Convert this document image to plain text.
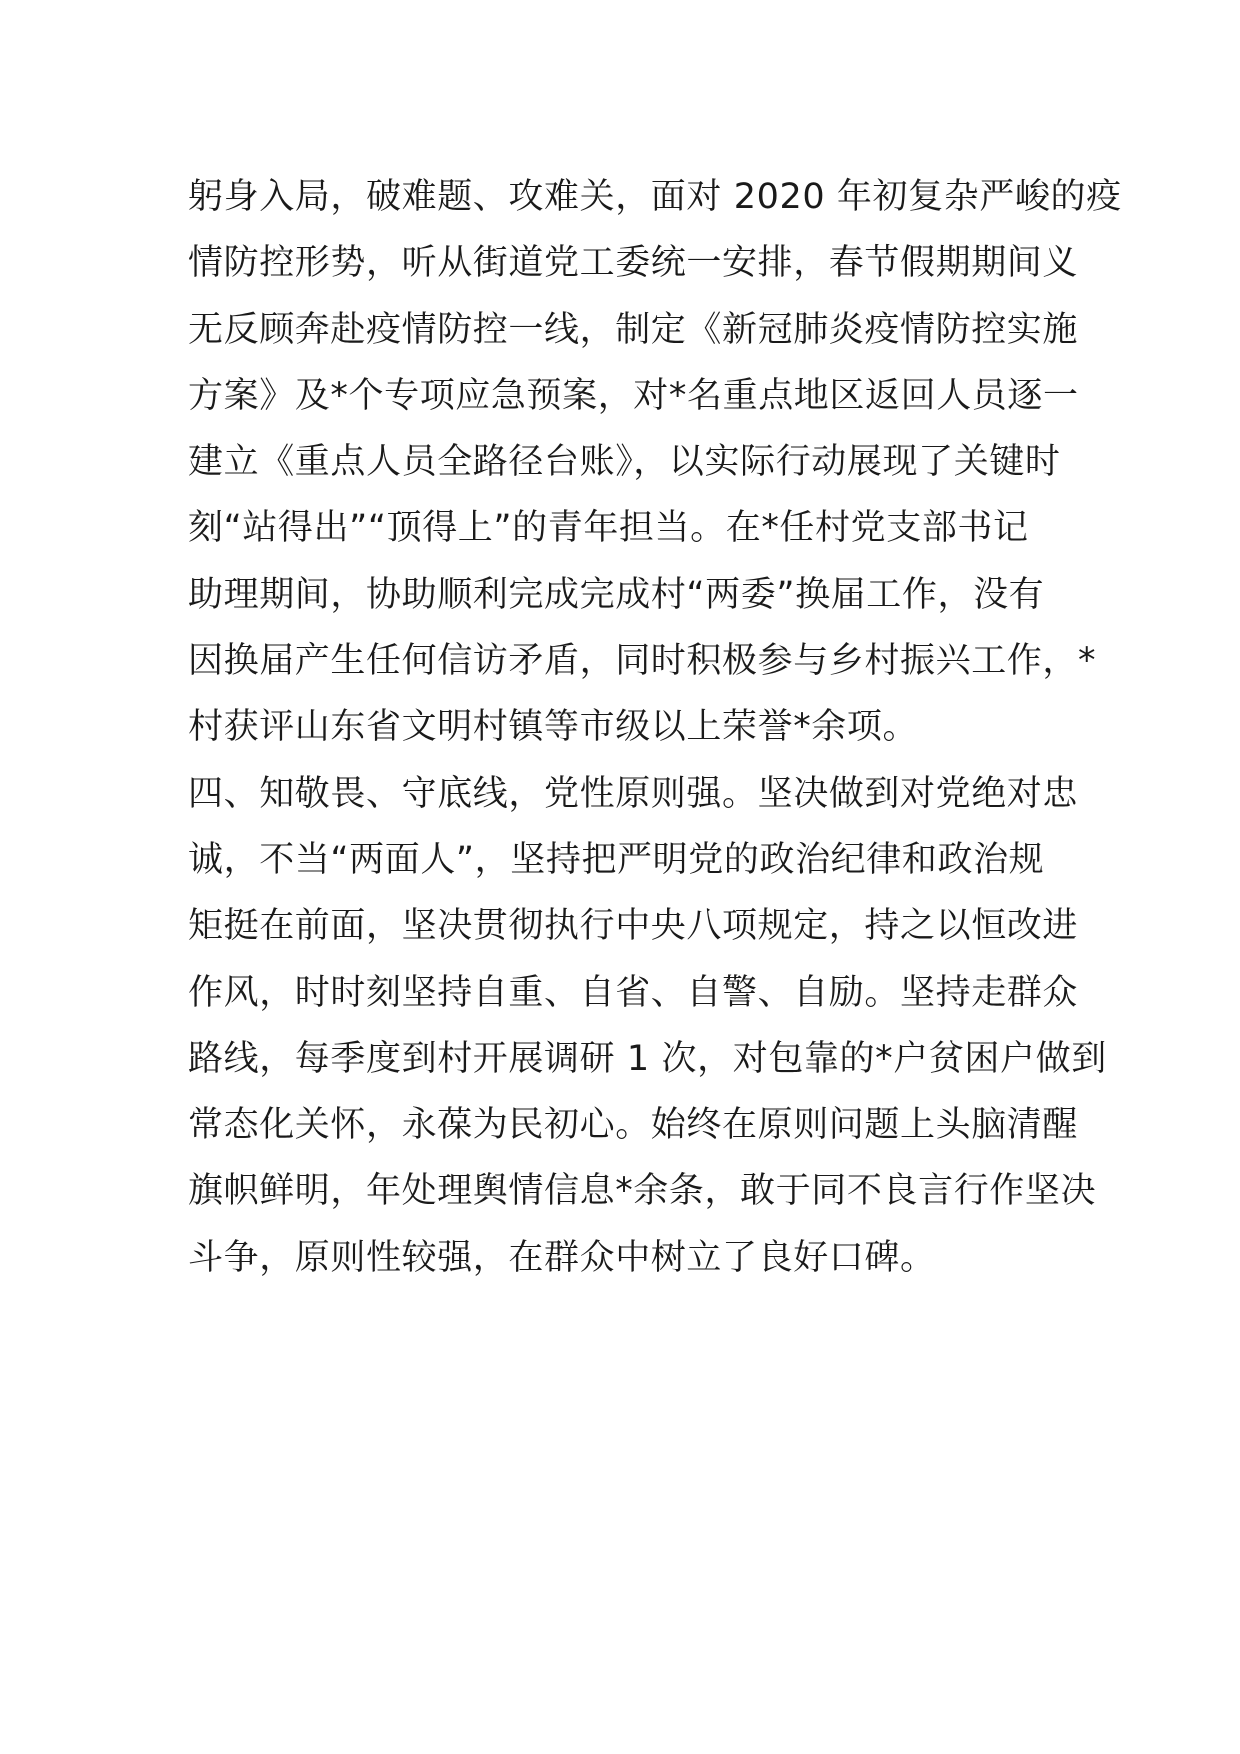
躬身入局，破难题、攻难关，面对 2020 年初复杂严峻的疫
情防控形势，听从街道党工委统一安排，春节假期期间义
无反顾奔赴疫情防控一线，制定《新冠肺炎疫情防控实施
方案》及*个专项应急预案，对*名重点地区返回人员逐一
建立《重点人员全路径台账》，以实际行动展现了关键时
刻“站得出”“顶得上”的青年担当。在*任村党支部书记
助理期间，协助顺利完成完成村“两委”换届工作，没有
因换届产生任何信访矛盾，同时积极参与乡村振兴工作，*
村获评山东省文明村镇等市级以上荣誉*余项。
四、知敬畏、守底线，党性原则强。坚决做到对党绝对忠
诚，不当“两面人”，坚持把严明党的政治纪律和政治规
矩挺在前面，坚决贯彻执行中央八项规定，持之以恒改进
作风，时时刻坚持自重、自省、自警、自励。坚持走群众
路线，每季度到村开展调研 1 次，对包靠的*户贫困户做到
常态化关怀，永葆为民初心。始终在原则问题上头脑清醒
旗帜鲜明，年处理舆情信息*余条，敢于同不良言行作坚决
斗争，原则性较强，在群众中树立了良好口碑。
